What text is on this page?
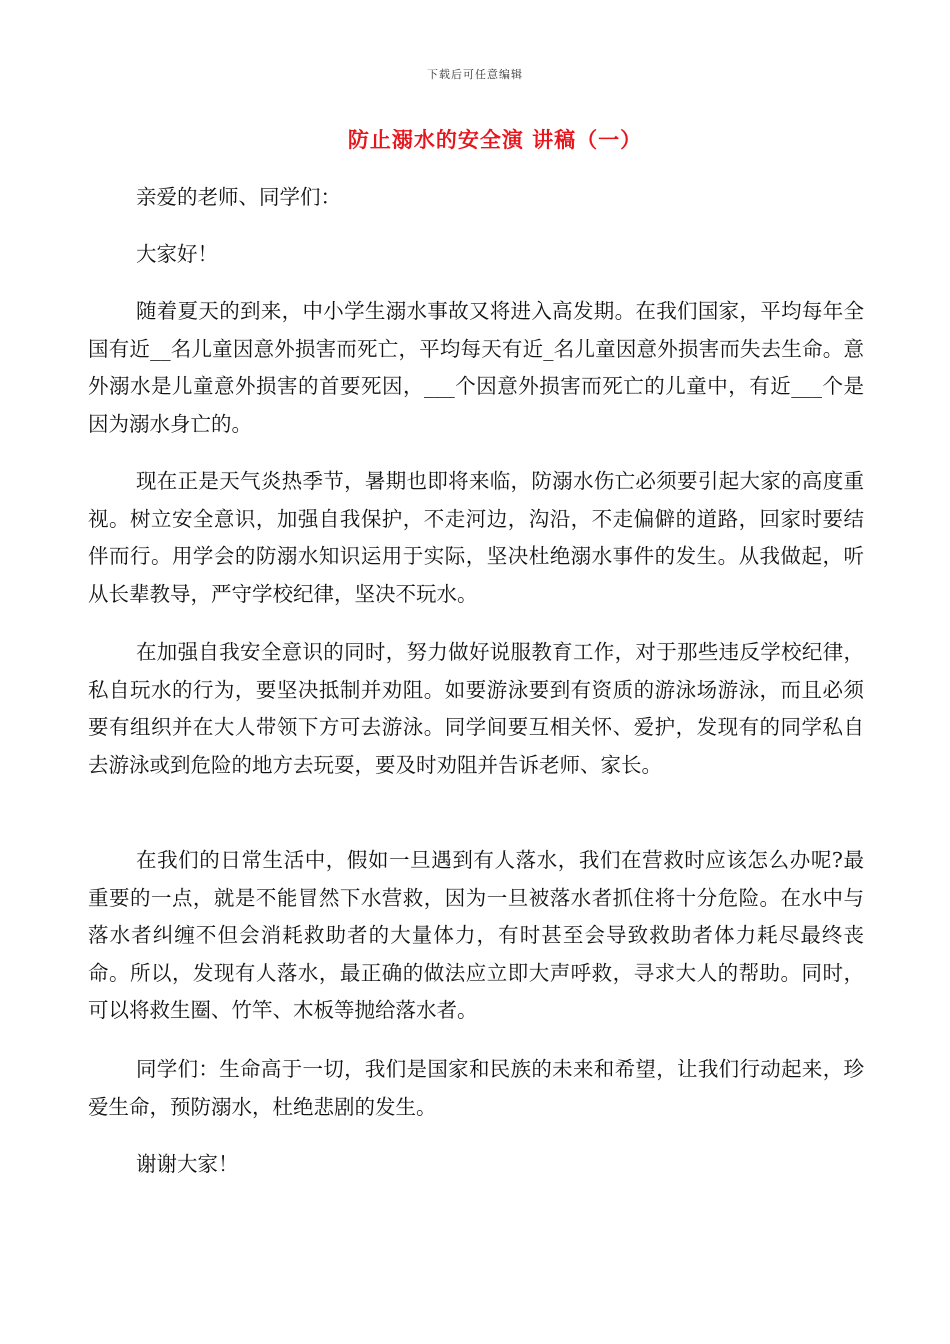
下载后可任意编辑
防止溺水的安全演 讲稿（一）

亲爱的老师、同学们：

大家好！

随着夏天的到来，中小学生溺水事故又将进入高发期。在我们国家，平均每年全国有近__名儿童因意外损害而死亡，平均每天有近_名儿童因意外损害而失去生命。意外溺水是儿童意外损害的首要死因，___个因意外损害而死亡的儿童中，有近___个是因为溺水身亡的。

现在正是天气炎热季节，暑期也即将来临，防溺水伤亡必须要引起大家的高度重视。树立安全意识，加强自我保护，不走河边，沟沿，不走偏僻的道路，回家时要结伴而行。用学会的防溺水知识运用于实际，坚决杜绝溺水事件的发生。从我做起，听从长辈教导，严守学校纪律，坚决不玩水。

在加强自我安全意识的同时，努力做好说服教育工作，对于那些违反学校纪律，私自玩水的行为，要坚决抵制并劝阻。如要游泳要到有资质的游泳场游泳，而且必须要有组织并在大人带领下方可去游泳。同学间要互相关怀、爱护，发现有的同学私自去游泳或到危险的地方去玩耍，要及时劝阻并告诉老师、家长。

在我们的日常生活中，假如一旦遇到有人落水，我们在营救时应该怎么办呢?最重要的一点，就是不能冒然下水营救，因为一旦被落水者抓住将十分危险。在水中与落水者纠缠不但会消耗救助者的大量体力，有时甚至会导致救助者体力耗尽最终丧命。所以，发现有人落水，最正确的做法应立即大声呼救，寻求大人的帮助。同时，可以将救生圈、竹竿、木板等抛给落水者。

同学们：生命高于一切，我们是国家和民族的未来和希望，让我们行动起来，珍爱生命，预防溺水，杜绝悲剧的发生。

谢谢大家！
